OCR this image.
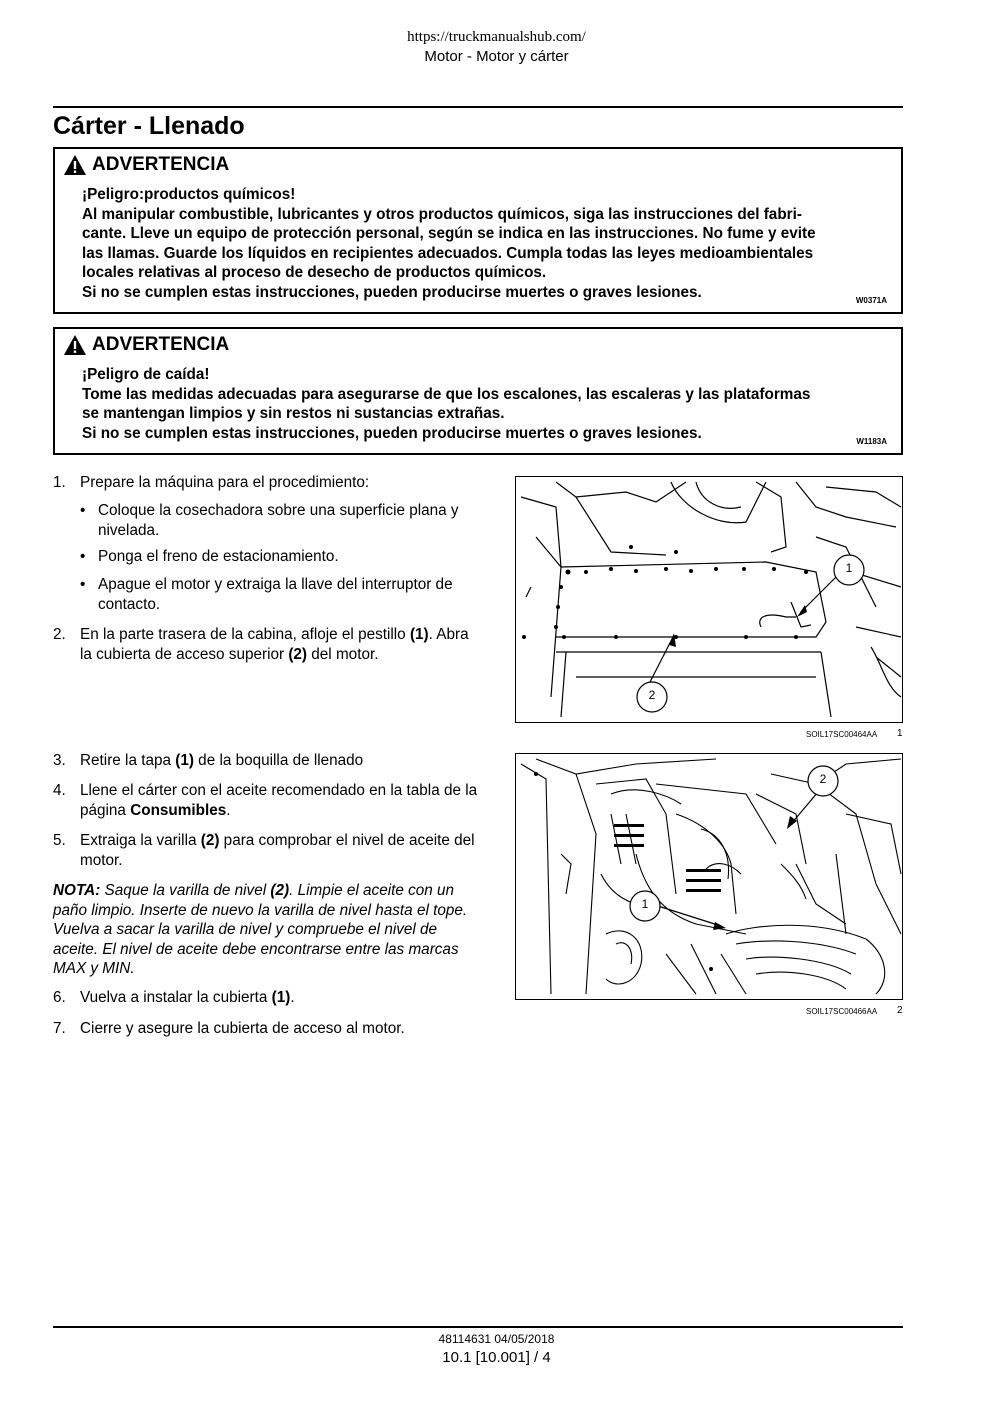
https://truckmanualshub.com/
Motor - Motor y cárter
Cárter - Llenado
ADVERTENCIA
¡Peligro:productos químicos!
Al manipular combustible, lubricantes y otros productos químicos, siga las instrucciones del fabri-
cante. Lleve un equipo de protección personal, según se indica en las instrucciones. No fume y evite
las llamas. Guarde los líquidos en recipientes adecuados. Cumpla todas las leyes medioambientales
locales relativas al proceso de desecho de productos químicos.
Si no se cumplen estas instrucciones, pueden producirse muertes o graves lesiones.	W0371A
ADVERTENCIA
¡Peligro de caída!
Tome las medidas adecuadas para asegurarse de que los escalones, las escaleras y las plataformas
se mantengan limpios y sin restos ni sustancias extrañas.
Si no se cumplen estas instrucciones, pueden producirse muertes o graves lesiones.	W1183A
1. Prepare la máquina para el procedimiento:
• Coloque la cosechadora sobre una superficie plana y nivelada.
• Ponga el freno de estacionamiento.
• Apague el motor y extraiga la llave del interruptor de contacto.
2. En la parte trasera de la cabina, afloje el pestillo (1). Abra la cubierta de acceso superior (2) del motor.
3. Retire la tapa (1) de la boquilla de llenado
4. Llene el cárter con el aceite recomendado en la tabla de la página Consumibles.
5. Extraiga la varilla (2) para comprobar el nivel de aceite del motor.
NOTA: Saque la varilla de nivel (2). Limpie el aceite con un paño limpio. Inserte de nuevo la varilla de nivel hasta el tope. Vuelva a sacar la varilla de nivel y compruebe el nivel de aceite. El nivel de aceite debe encontrarse entre las marcas MAX y MIN.
6. Vuelva a instalar la cubierta (1).
7. Cierre y asegure la cubierta de acceso al motor.
1
2
SOIL17SC00464AA 1
2
1
SOIL17SC00466AA 2
48114631 04/05/2018
10.1 [10.001] / 4
